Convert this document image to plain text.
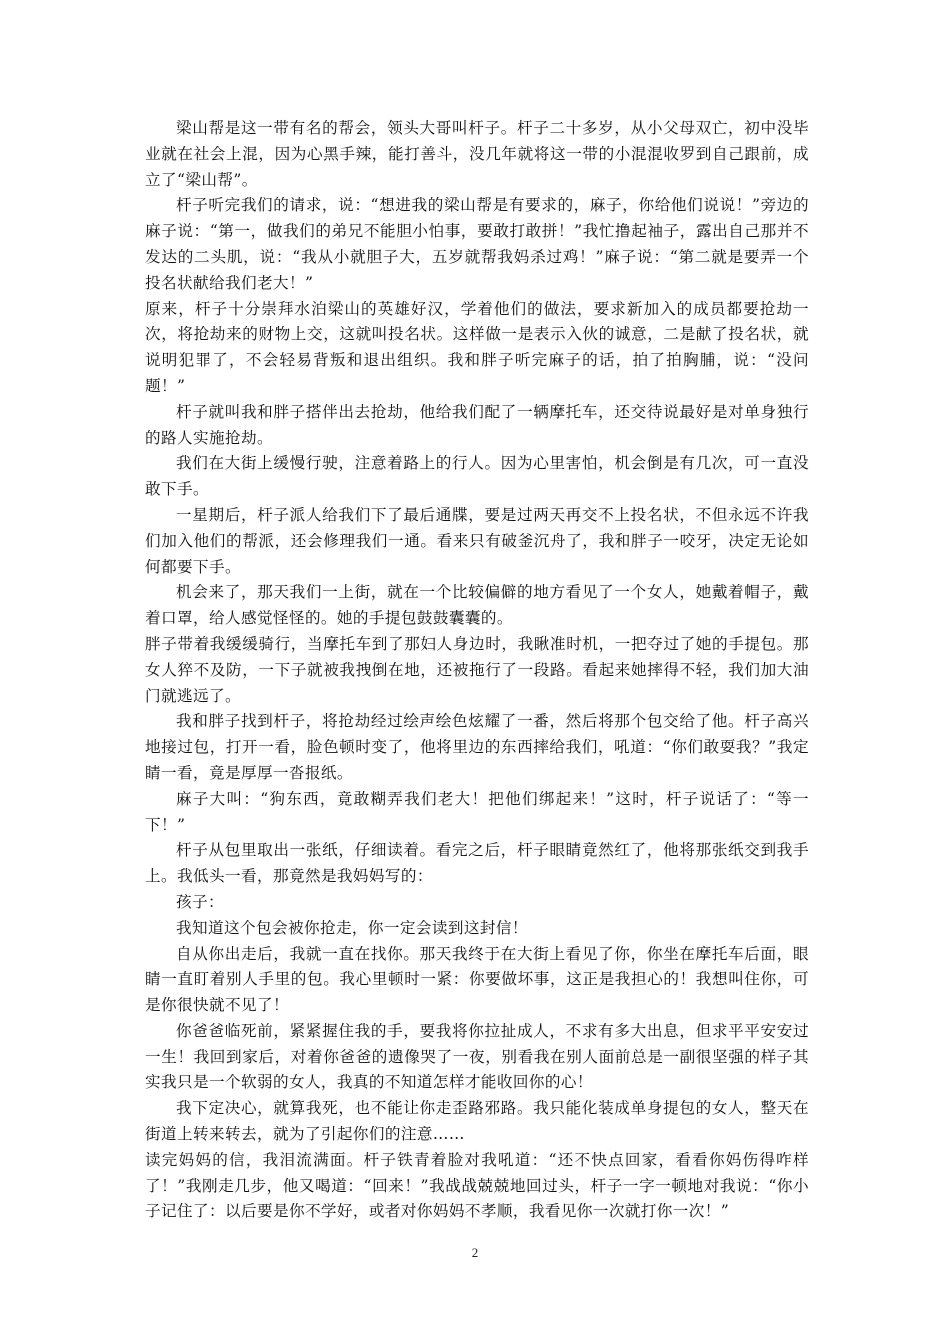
梁山帮是这一带有名的帮会，领头大哥叫杆子。杆子二十多岁，从小父母双亡，初中没毕业就在社会上混，因为心黑手辣，能打善斗，没几年就将这一带的小混混收罗到自己跟前，成立了“梁山帮”。

杆子听完我们的请求，说：“想进我的梁山帮是有要求的，麻子，你给他们说说！”旁边的麻子说：“第一，做我们的弟兄不能胆小怕事，要敢打敢拼！”我忙撸起袖子，露出自己那并不发达的二头肌，说：“我从小就胆子大，五岁就帮我妈杀过鸡！”麻子说：“第二就是要弄一个投名状献给我们老大！”

原来，杆子十分崇拜水泊梁山的英雄好汉，学着他们的做法，要求新加入的成员都要抢劫一次，将抢劫来的财物上交，这就叫投名状。这样做一是表示入伙的诚意，二是献了投名状，就说明犯罪了，不会轻易背叛和退出组织。我和胖子听完麻子的话，拍了拍胸脯，说：“没问题！”

杆子就叫我和胖子搭伴出去抢劫，他给我们配了一辆摩托车，还交待说最好是对单身独行的路人实施抢劫。

我们在大街上缓慢行驶，注意着路上的行人。因为心里害怕，机会倒是有几次，可一直没敢下手。

一星期后，杆子派人给我们下了最后通牒，要是过两天再交不上投名状，不但永远不许我们加入他们的帮派，还会修理我们一通。看来只有破釜沉舟了，我和胖子一咬牙，决定无论如何都要下手。

机会来了，那天我们一上街，就在一个比较偏僻的地方看见了一个女人，她戴着帽子，戴着口罩，给人感觉怪怪的。她的手提包鼓鼓囊囊的。

胖子带着我缓缓骑行，当摩托车到了那妇人身边时，我瞅准时机，一把夺过了她的手提包。那女人猝不及防，一下子就被我拽倒在地，还被拖行了一段路。看起来她摔得不轻，我们加大油门就逃远了。

我和胖子找到杆子，将抢劫经过绘声绘色炫耀了一番，然后将那个包交给了他。杆子高兴地接过包，打开一看，脸色顿时变了，他将里边的东西摔给我们，吼道：“你们敢耍我？”我定睛一看，竟是厚厚一沓报纸。

麻子大叫：“狗东西，竟敢糊弄我们老大！把他们绑起来！”这时，杆子说话了：“等一下！”

杆子从包里取出一张纸，仔细读着。看完之后，杆子眼睛竟然红了，他将那张纸交到我手上。我低头一看，那竟然是我妈妈写的：

孩子：

我知道这个包会被你抢走，你一定会读到这封信！

自从你出走后，我就一直在找你。那天我终于在大街上看见了你，你坐在摩托车后面，眼睛一直盯着别人手里的包。我心里顿时一紧：你要做坏事，这正是我担心的！我想叫住你，可是你很快就不见了！

你爸爸临死前，紧紧握住我的手，要我将你拉扯成人，不求有多大出息，但求平平安安过一生！我回到家后，对着你爸爸的遗像哭了一夜，别看我在别人面前总是一副很坚强的样子其实我只是一个软弱的女人，我真的不知道怎样才能收回你的心！

我下定决心，就算我死，也不能让你走歪路邪路。我只能化装成单身提包的女人，整天在街道上转来转去，就为了引起你们的注意……

读完妈妈的信，我泪流满面。杆子铁青着脸对我吼道：“还不快点回家，看看你妈伤得咋样了！”我刚走几步，他又喝道：“回来！”我战战兢兢地回过头，杆子一字一顿地对我说：“你小子记住了：以后要是你不学好，或者对你妈妈不孝顺，我看见你一次就打你一次！”

2
